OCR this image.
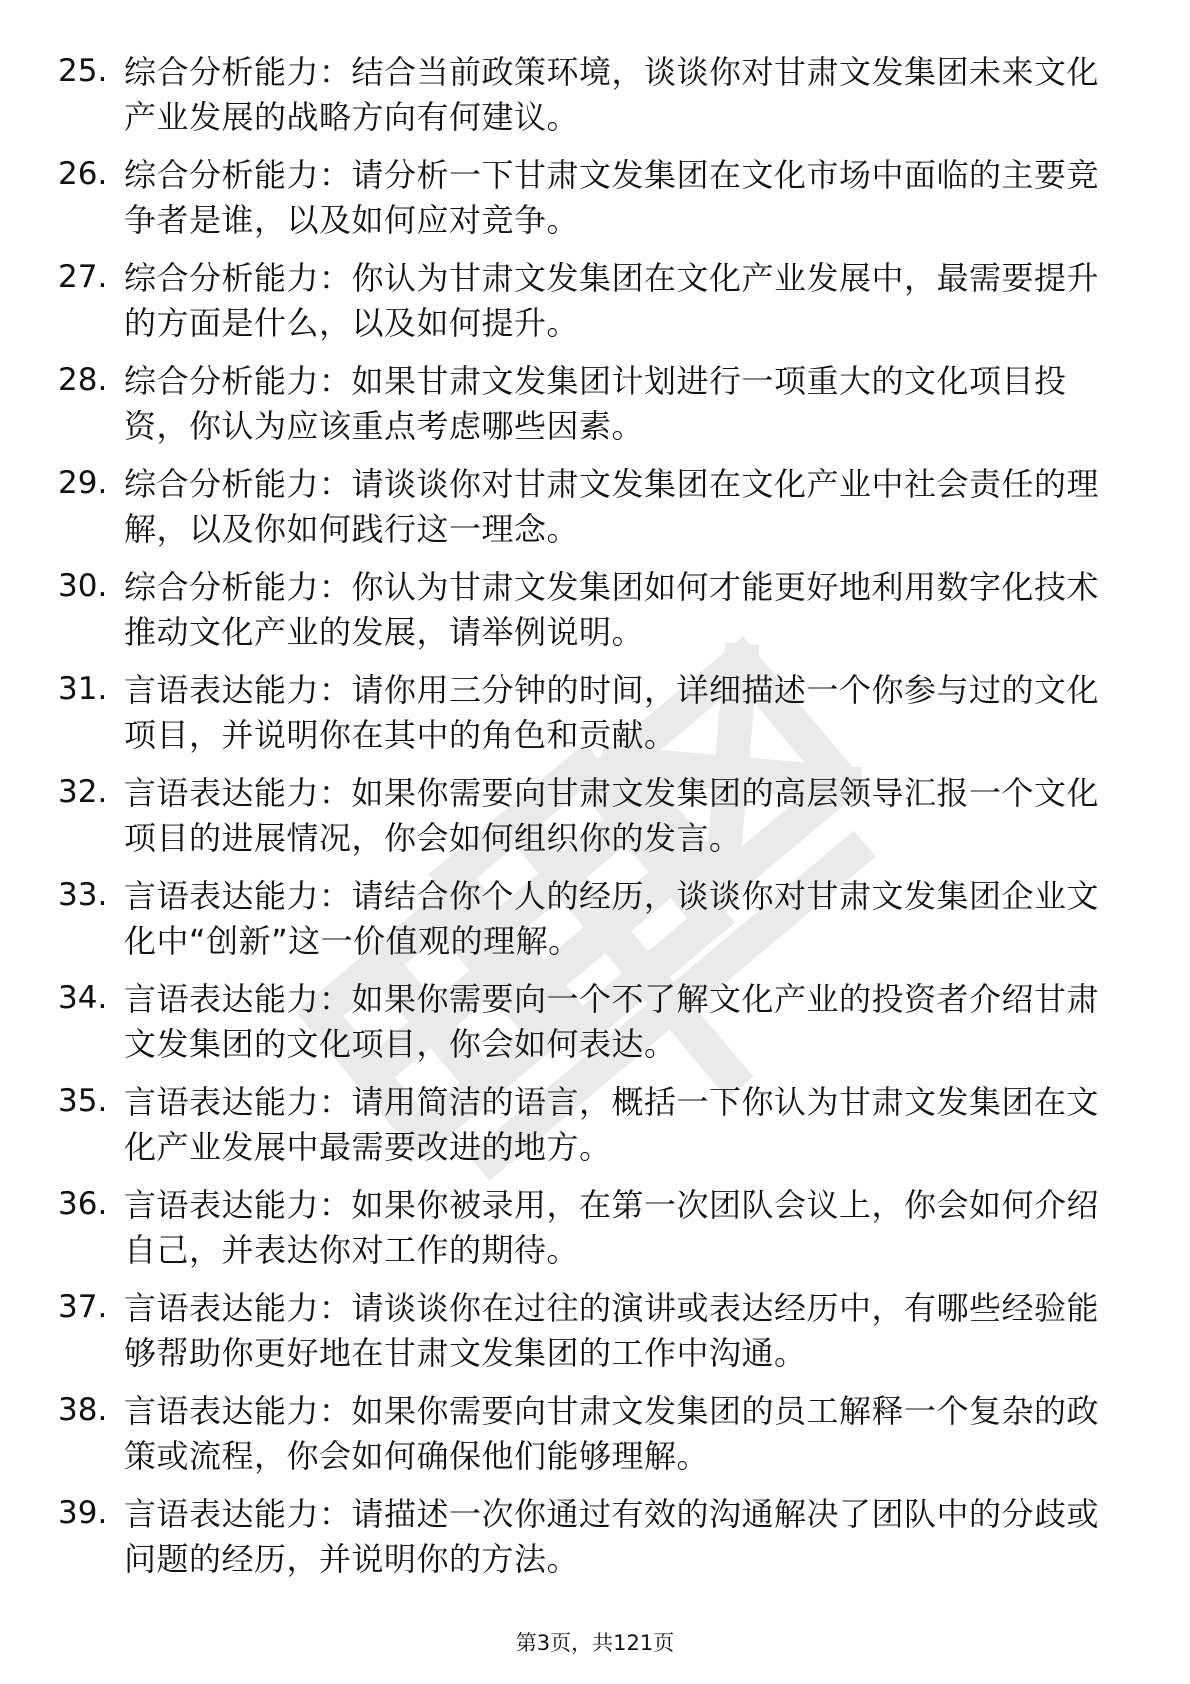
25. 综合分析能力：结合当前政策环境，谈谈你对甘肃文发集团未来文化产业发展的战略方向有何建议。
26. 综合分析能力：请分析一下甘肃文发集团在文化市场中面临的主要竞争者是谁，以及如何应对竞争。
27. 综合分析能力：你认为甘肃文发集团在文化产业发展中，最需要提升的方面是什么，以及如何提升。
28. 综合分析能力：如果甘肃文发集团计划进行一项重大的文化项目投资，你认为应该重点考虑哪些因素。
29. 综合分析能力：请谈谈你对甘肃文发集团在文化产业中社会责任的理解，以及你如何践行这一理念。
30. 综合分析能力：你认为甘肃文发集团如何才能更好地利用数字化技术推动文化产业的发展，请举例说明。
31. 言语表达能力：请你用三分钟的时间，详细描述一个你参与过的文化项目，并说明你在其中的角色和贡献。
32. 言语表达能力：如果你需要向甘肃文发集团的高层领导汇报一个文化项目的进展情况，你会如何组织你的发言。
33. 言语表达能力：请结合你个人的经历，谈谈你对甘肃文发集团企业文化中“创新”这一价值观的理解。
34. 言语表达能力：如果你需要向一个不了解文化产业的投资者介绍甘肃文发集团的文化项目，你会如何表达。
35. 言语表达能力：请用简洁的语言，概括一下你认为甘肃文发集团在文化产业发展中最需要改进的地方。
36. 言语表达能力：如果你被录用，在第一次团队会议上，你会如何介绍自己，并表达你对工作的期待。
37. 言语表达能力：请谈谈你在过往的演讲或表达经历中，有哪些经验能够帮助你更好地在甘肃文发集团的工作中沟通。
38. 言语表达能力：如果你需要向甘肃文发集团的员工解释一个复杂的政策或流程，你会如何确保他们能够理解。
39. 言语表达能力：请描述一次你通过有效的沟通解决了团队中的分歧或问题的经历，并说明你的方法。
第3页，共121页
